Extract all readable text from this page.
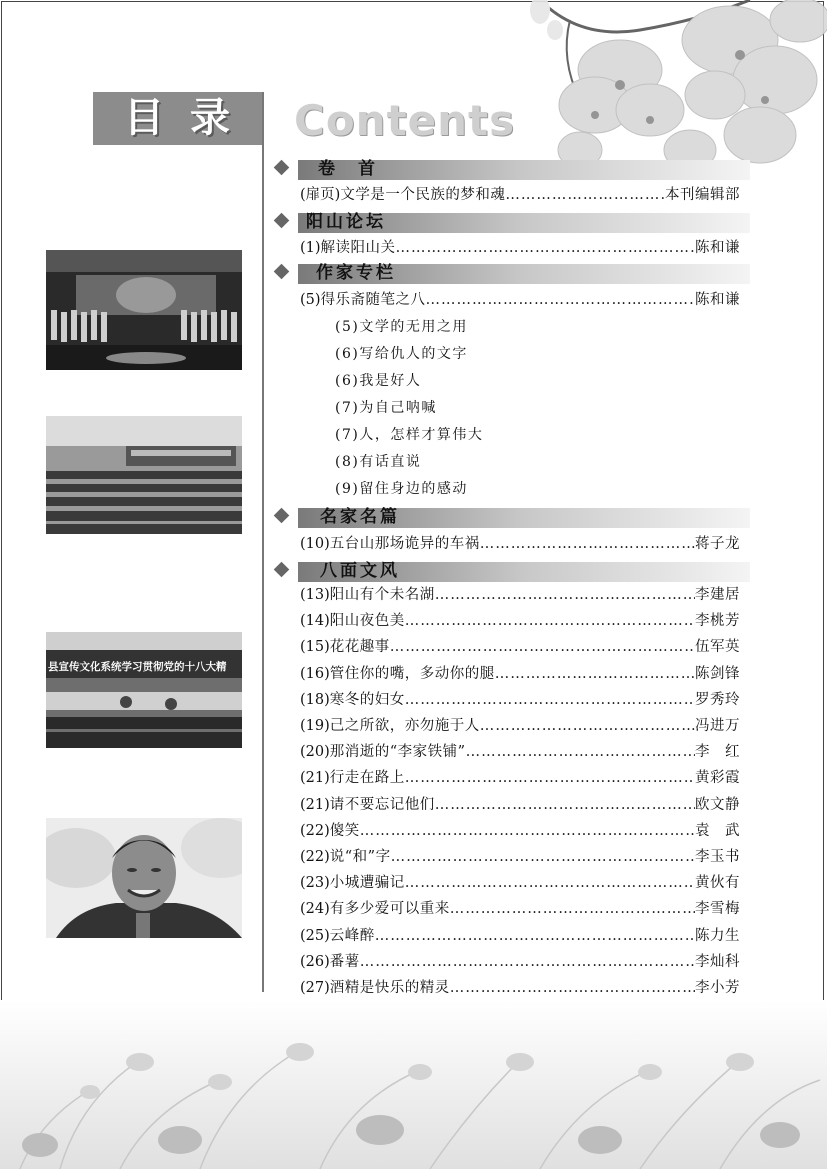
目录 Contents
县宣传文化系统学习贯彻党的十八大精
卷　首
(扉页) 文学是一个民族的梦和魂 …………………………………………………………………………………………………………	本刊编辑部
阳山论坛
(1) 解读阳山关 …………………………………………………………………………………………………………	陈和谦
作家专栏
(5) 得乐斋随笔之八 …………………………………………………………………………………………………………	陈和谦
(5)文学的无用之用
(6)写给仇人的文字
(6)我是好人
(7)为自己呐喊
(7)人，怎样才算伟大
(8)有话直说
(9)留住身边的感动
名家名篇
(10) 五台山那场诡异的车祸 …………………………………………………………………………………………………………	蒋子龙
八面文风
(13) 阳山有个未名湖 …………………………………………………………………………………………………………	李建居
(14) 阳山夜色美 …………………………………………………………………………………………………………	李桃芳
(15) 花花趣事 …………………………………………………………………………………………………………	伍军英
(16) 管住你的嘴，多动你的腿 …………………………………………………………………………………………………………	陈剑锋
(18) 寒冬的妇女 …………………………………………………………………………………………………………	罗秀玲
(19) 己之所欲，亦勿施于人 …………………………………………………………………………………………………………	冯进万
(20) 那消逝的“李家铁铺” …………………………………………………………………………………………………………	李　红
(21) 行走在路上 …………………………………………………………………………………………………………	黄彩霞
(21) 请不要忘记他们 …………………………………………………………………………………………………………	欧文静
(22) 傻笑 …………………………………………………………………………………………………………	袁　武
(22) 说“和”字 …………………………………………………………………………………………………………	李玉书
(23) 小城遭骗记 …………………………………………………………………………………………………………	黄伙有
(24) 有多少爱可以重来 …………………………………………………………………………………………………………	李雪梅
(25) 云峰醉 …………………………………………………………………………………………………………	陈力生
(26) 番薯 …………………………………………………………………………………………………………	李灿科
(27) 酒精是快乐的精灵 …………………………………………………………………………………………………………	李小芳
…………………………………………………………………………………………………………
